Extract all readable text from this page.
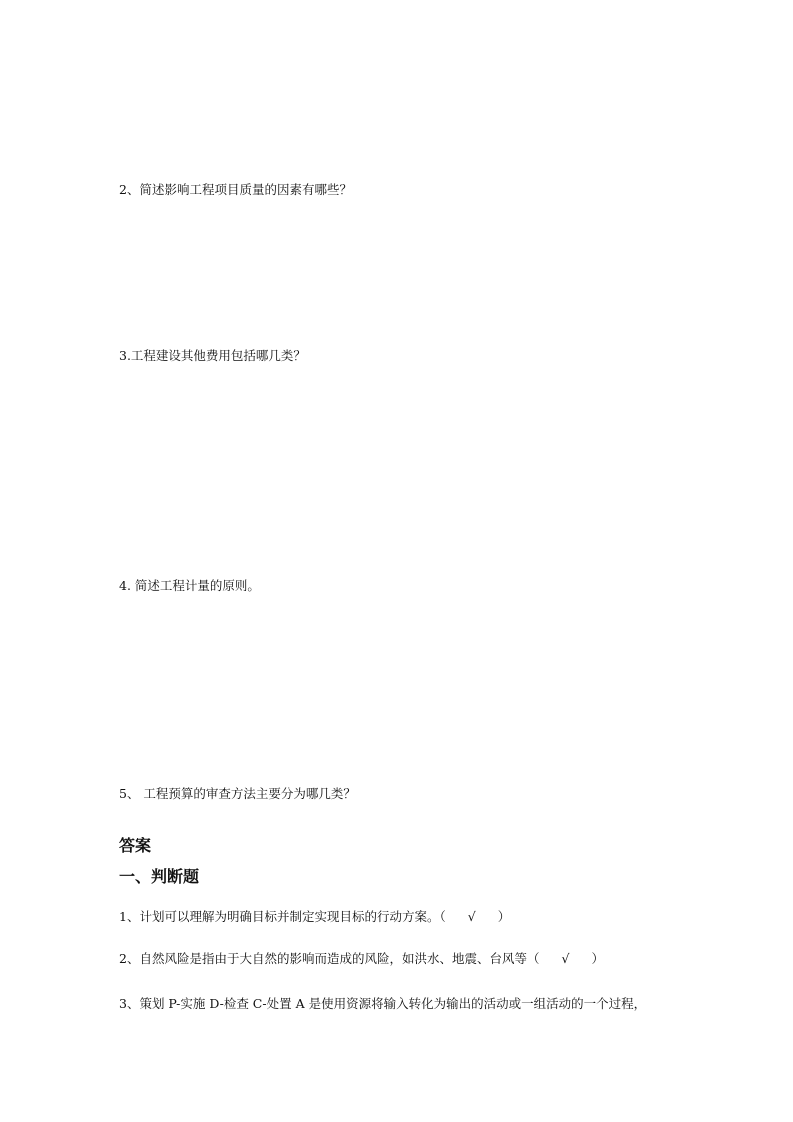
2、简述影响工程项目质量的因素有哪些？
3.工程建设其他费用包括哪几类？
4. 简述工程计量的原则。
5、 工程预算的审查方法主要分为哪几类？
答案
一、判断题
1、计划可以理解为明确目标并制定实现目标的行动方案。（ √ ）
2、自然风险是指由于大自然的影响而造成的风险，如洪水、地震、台风等（ √ ）
3、策划 P-实施 D-检查 C-处置 A 是使用资源将输入转化为输出的活动或一组活动的一个过程，
